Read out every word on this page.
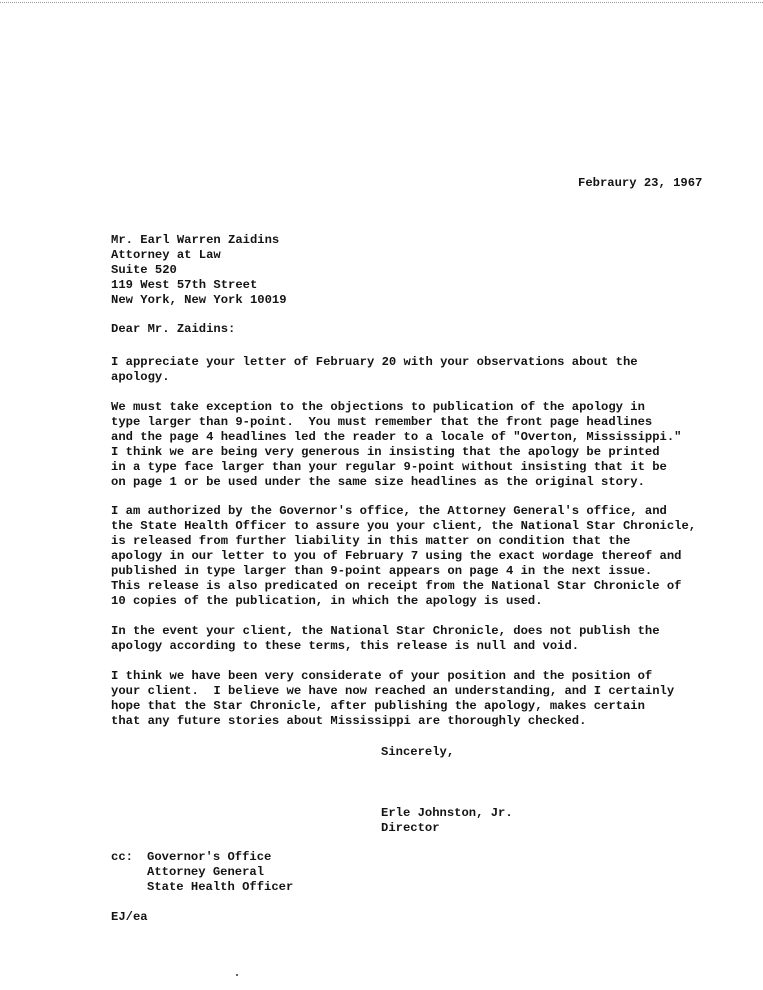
Febraury 23, 1967
Mr. Earl Warren Zaidins
Attorney at Law
Suite 520
119 West 57th Street
New York, New York 10019
Dear Mr. Zaidins:
I appreciate your letter of February 20 with your observations about the
apology.
We must take exception to the objections to publication of the apology in
type larger than 9-point.  You must remember that the front page headlines
and the page 4 headlines led the reader to a locale of "Overton, Mississippi."
I think we are being very generous in insisting that the apology be printed
in a type face larger than your regular 9-point without insisting that it be
on page 1 or be used under the same size headlines as the original story.
I am authorized by the Governor's office, the Attorney General's office, and
the State Health Officer to assure you your client, the National Star Chronicle,
is released from further liability in this matter on condition that the
apology in our letter to you of February 7 using the exact wordage thereof and
published in type larger than 9-point appears on page 4 in the next issue.
This release is also predicated on receipt from the National Star Chronicle of
10 copies of the publication, in which the apology is used.
In the event your client, the National Star Chronicle, does not publish the
apology according to these terms, this release is null and void.
I think we have been very considerate of your position and the position of
your client.  I believe we have now reached an understanding, and I certainly
hope that the Star Chronicle, after publishing the apology, makes certain
that any future stories about Mississippi are thoroughly checked.
Sincerely,
Erle Johnston, Jr.
Director
cc: Governor's Office
Attorney General
State Health Officer
EJ/ea
